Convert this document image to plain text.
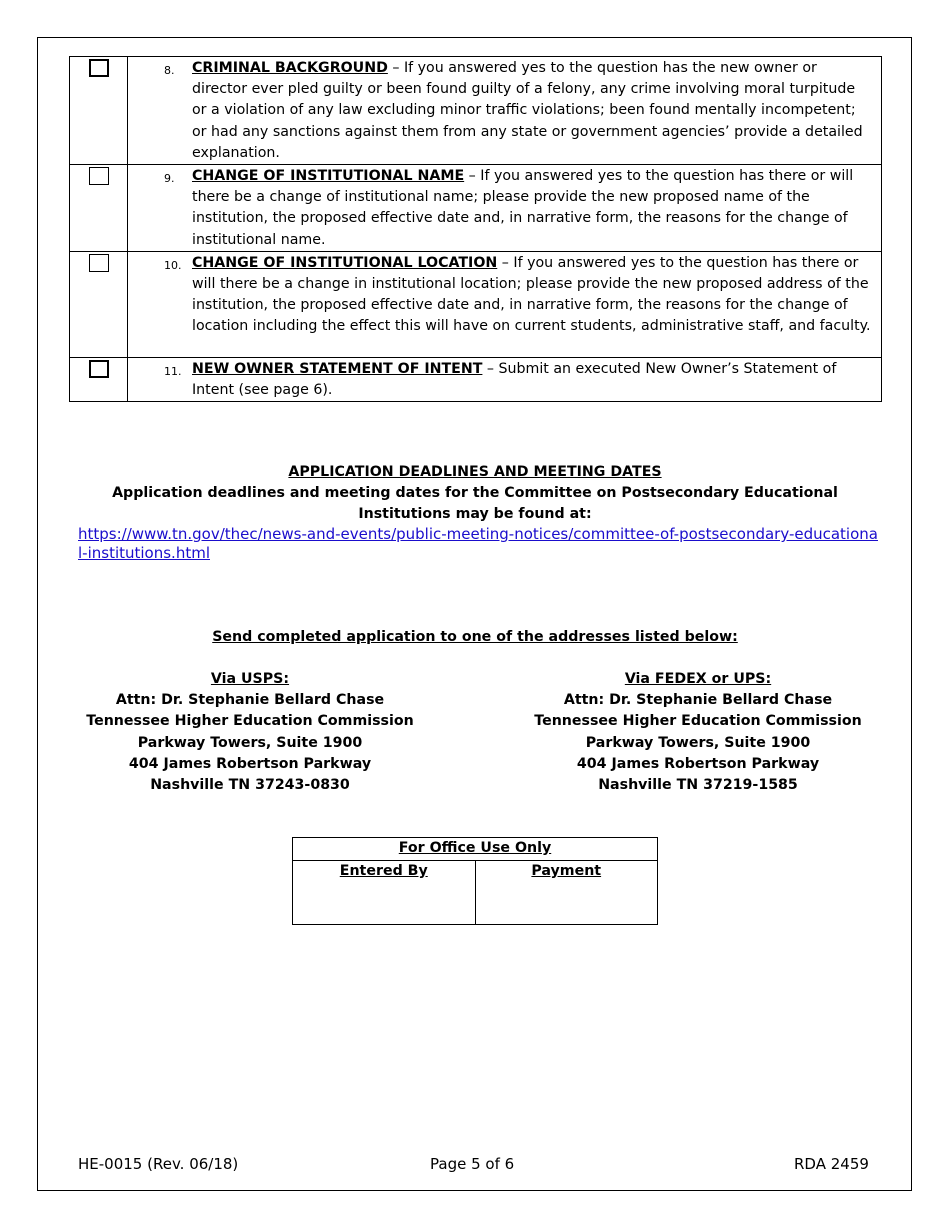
	8. CRIMINAL BACKGROUND – If you answered yes to the question has the new owner or director ever pled guilty or been found guilty of a felony, any crime involving moral turpitude or a violation of any law excluding minor traffic violations; been found mentally incompetent; or had any sanctions against them from any state or government agencies’ provide a detailed explanation.

	9. CHANGE OF INSTITUTIONAL NAME – If you answered yes to the question has there or will there be a change of institutional name; please provide the new proposed name of the institution, the proposed effective date and, in narrative form, the reasons for the change of institutional name.

	10. CHANGE OF INSTITUTIONAL LOCATION – If you answered yes to the question has there or will there be a change in institutional location; please provide the new proposed address of the institution, the proposed effective date and, in narrative form, the reasons for the change of location including the effect this will have on current students, administrative staff, and faculty.

	11. NEW OWNER STATEMENT OF INTENT – Submit an executed New Owner’s Statement of Intent (see page 6).
APPLICATION DEADLINES AND MEETING DATES
Application deadlines and meeting dates for the Committee on Postsecondary Educational Institutions may be found at:
https://www.tn.gov/thec/news-and-events/public-meeting-notices/committee-of-postsecondary-educational-institutions.html
Send completed application to one of the addresses listed below:
Via USPS:
Attn: Dr. Stephanie Bellard Chase
Tennessee Higher Education Commission
Parkway Towers, Suite 1900
404 James Robertson Parkway
Nashville TN 37243-0830
Via FEDEX or UPS:
Attn: Dr. Stephanie Bellard Chase
Tennessee Higher Education Commission
Parkway Towers, Suite 1900
404 James Robertson Parkway
Nashville TN 37219-1585
For Office Use Only
Entered By	Payment
HE-0015 (Rev. 06/18)	Page 5 of 6	RDA 2459
